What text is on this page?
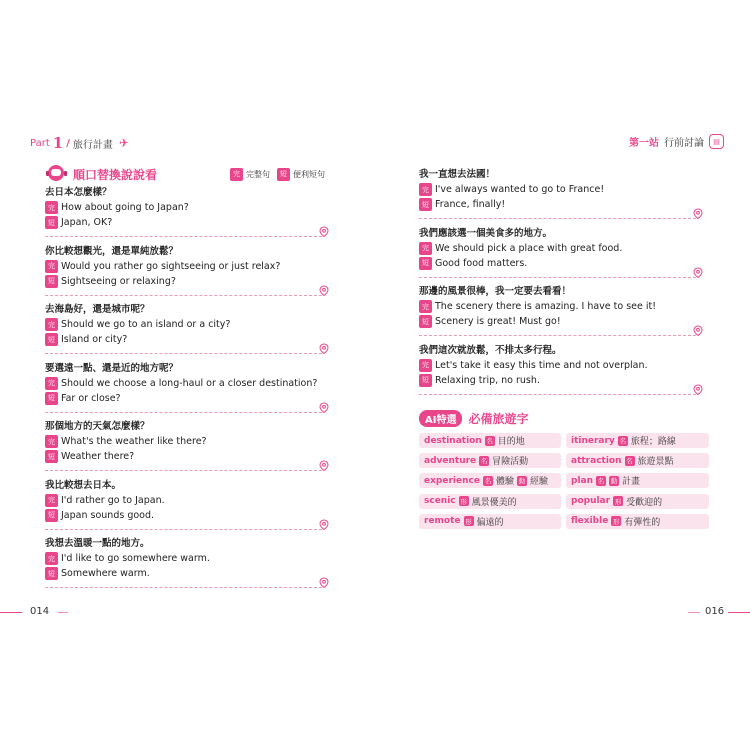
Part 1 / 旅行計畫 ✈	第一站 行前討論	▤
順口替換說說看	完 完整句	短 便利短句
去日本怎麼樣？
完 How about going to Japan?
短 Japan, OK?
你比較想觀光，還是單純放鬆？
完 Would you rather go sightseeing or just relax?
短 Sightseeing or relaxing?
去海島好，還是城市呢？
完 Should we go to an island or a city?
短 Island or city?
要選遠一點、還是近的地方呢？
完 Should we choose a long-haul or a closer destination?
短 Far or close?
那個地方的天氣怎麼樣？
完 What's the weather like there?
短 Weather there?
我比較想去日本。
完 I'd rather go to Japan.
短 Japan sounds good.
我想去溫暖一點的地方。
完 I'd like to go somewhere warm.
短 Somewhere warm.
我一直想去法國！
完 I've always wanted to go to France!
短 France, finally!
我們應該選一個美食多的地方。
完 We should pick a place with great food.
短 Good food matters.
那邊的風景很棒，我一定要去看看！
完 The scenery there is amazing. I have to see it!
短 Scenery is great! Must go!
我們這次就放鬆，不排太多行程。
完 Let's take it easy this time and not overplan.
短 Relaxing trip, no rush.
AI特選 必備旅遊字
destination 名 目的地	itinerary 名 旅程；路線
adventure 名 冒險活動	attraction 名 旅遊景點
experience 名 體驗 動 經驗	plan 名 動 計畫
scenic 形 風景優美的	popular 形 受歡迎的
remote 形 偏遠的	flexible 形 有彈性的
014	016
